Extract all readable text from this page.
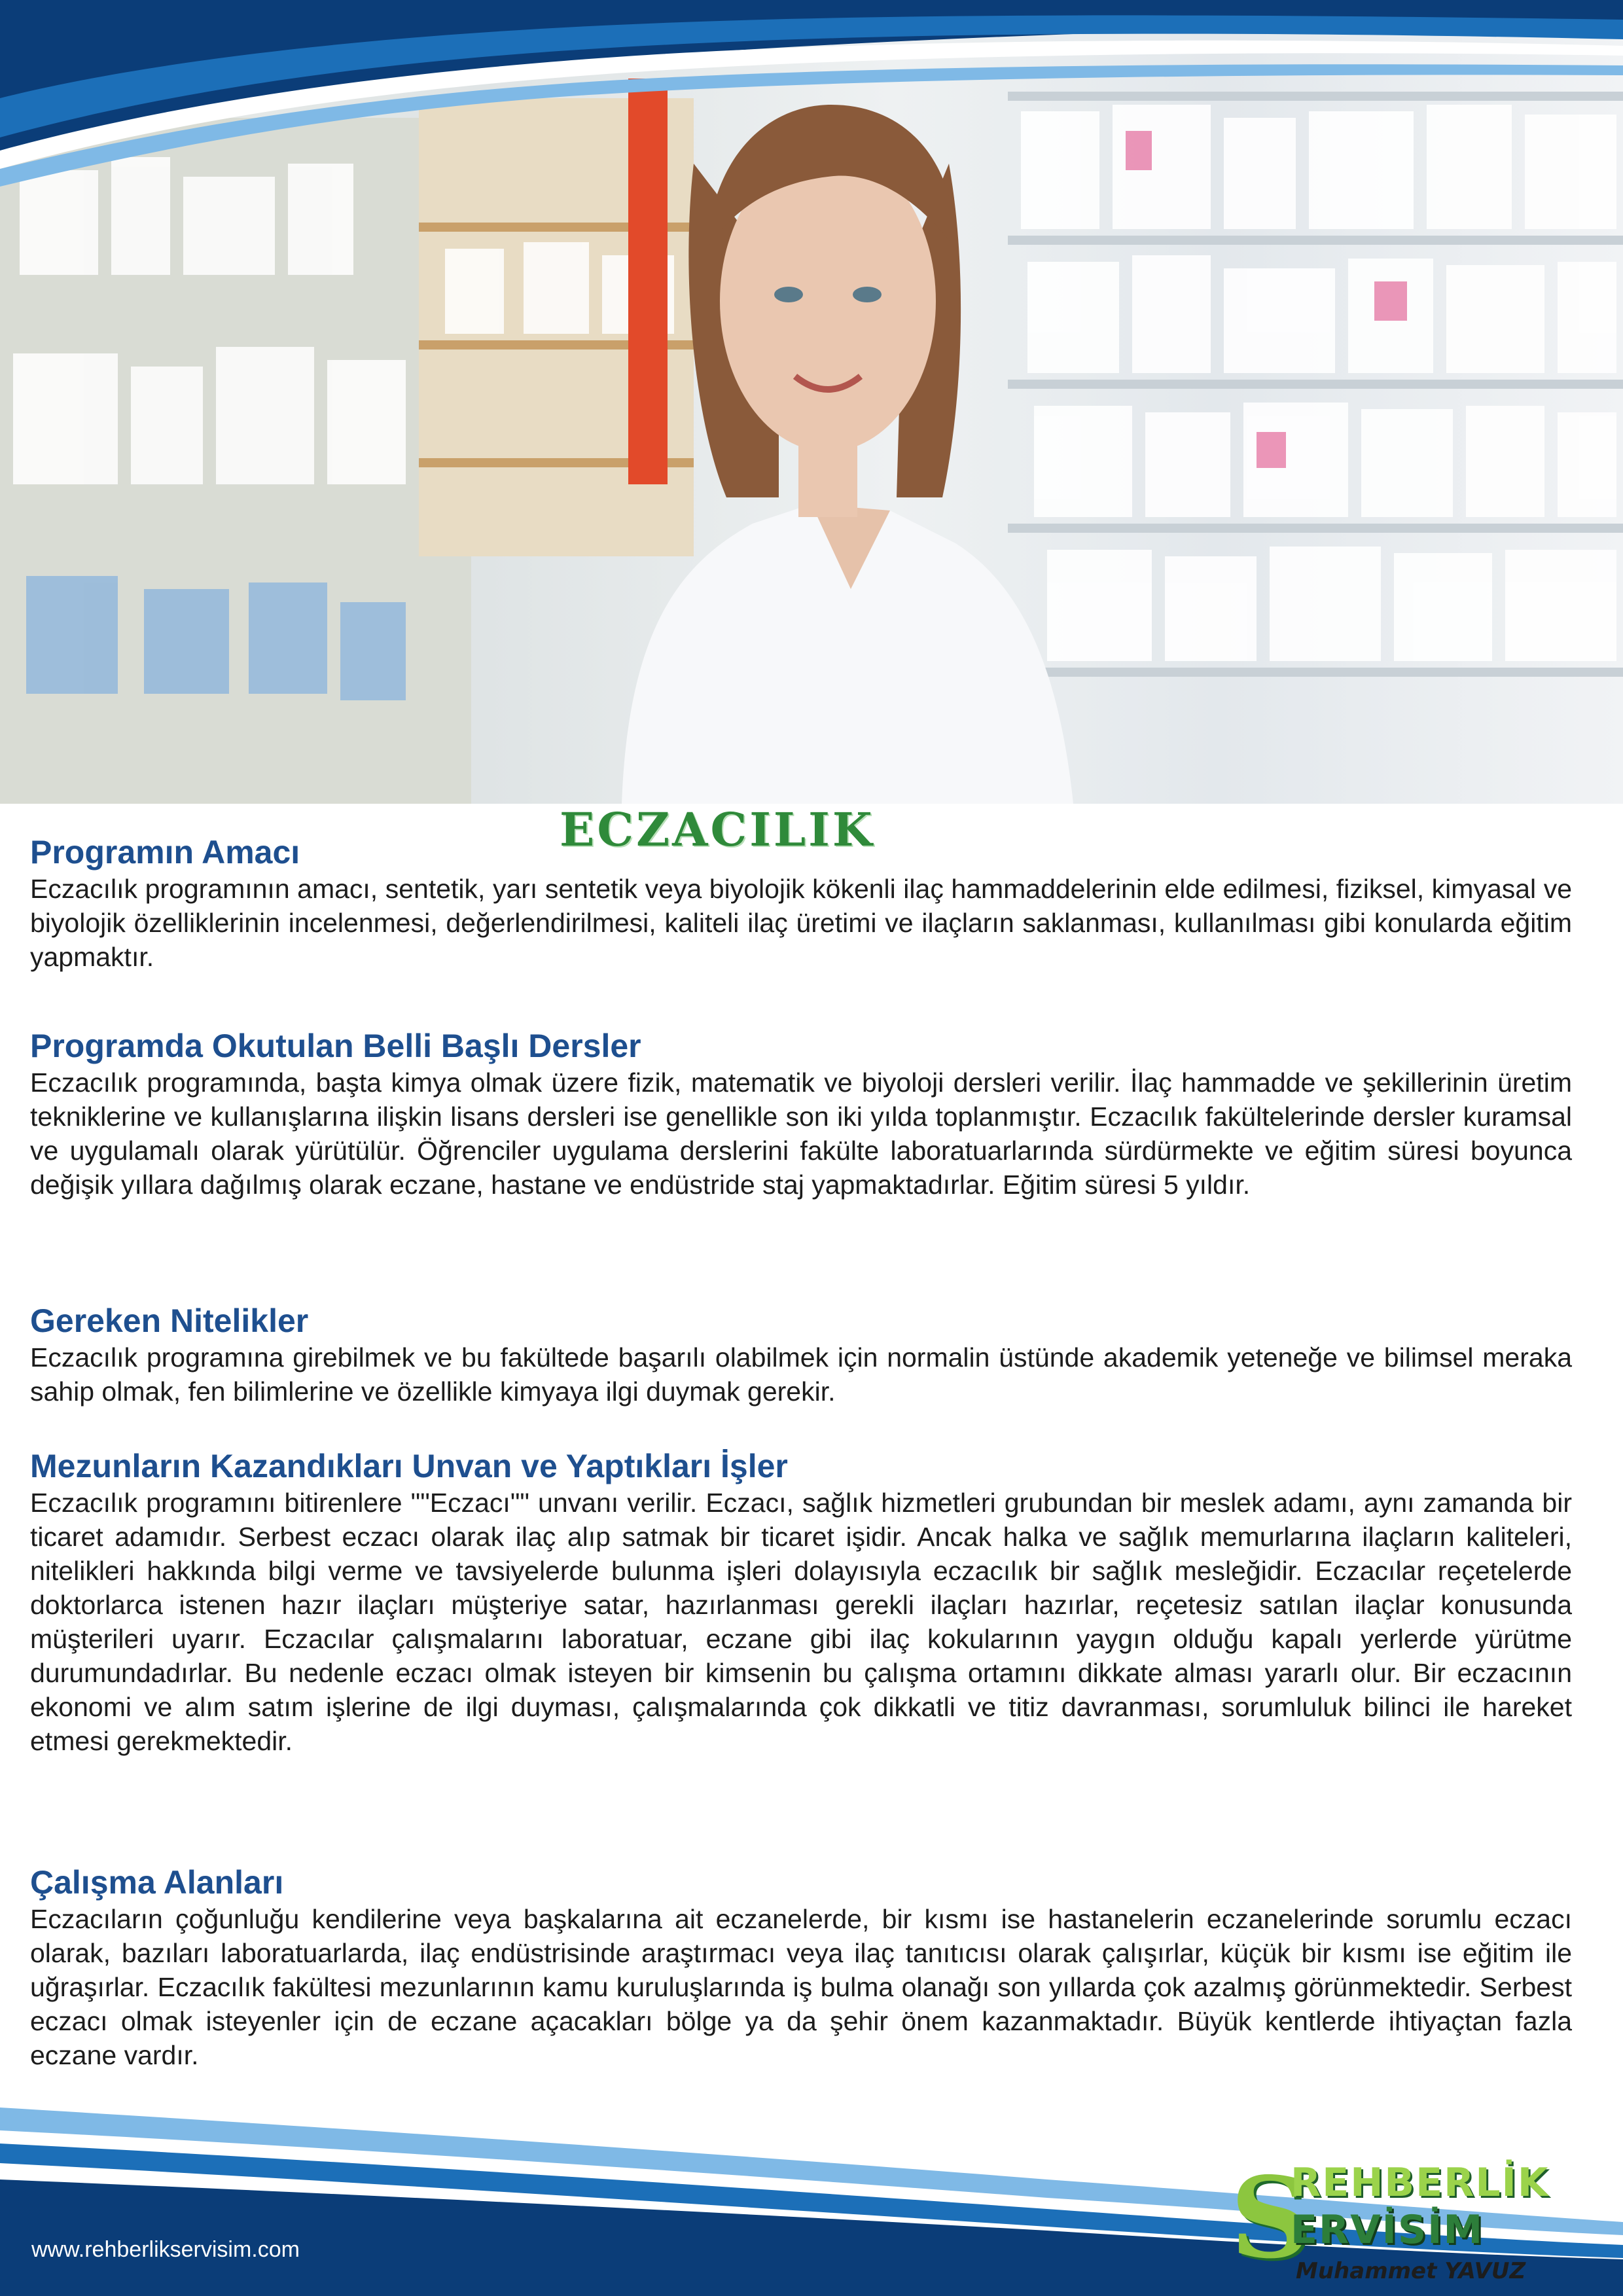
ECZACILIK
Programın Amacı

Eczacılık programının amacı, sentetik, yarı sentetik veya biyolojik kökenli ilaç hammaddelerinin elde edilmesi, fiziksel, kimyasal ve biyolojik özelliklerinin incelenmesi, değerlendirilmesi, kaliteli ilaç üretimi ve ilaçların saklanması, kullanılması gibi konularda eğitim yapmaktır.

Programda Okutulan Belli Başlı Dersler

Eczacılık programında, başta kimya olmak üzere fizik, matematik ve biyoloji dersleri verilir. İlaç hammadde ve şekillerinin üretim tekniklerine ve kullanışlarına ilişkin lisans dersleri ise genellikle son iki yılda toplanmıştır. Eczacılık fakültelerinde dersler kuramsal ve uygulamalı olarak yürütülür. Öğrenciler uygulama derslerini fakülte laboratuarlarında sürdürmekte ve eğitim süresi boyunca değişik yıllara dağılmış olarak eczane, hastane ve endüstride staj yapmaktadırlar. Eğitim süresi 5 yıldır.

Gereken Nitelikler

Eczacılık programına girebilmek ve bu fakültede başarılı olabilmek için normalin üstünde akademik yeteneğe ve bilimsel meraka sahip olmak, fen bilimlerine ve özellikle kimyaya ilgi duymak gerekir.

Mezunların Kazandıkları Unvan ve Yaptıkları İşler

Eczacılık programını bitirenlere ""Eczacı"" unvanı verilir. Eczacı, sağlık hizmetleri grubundan bir meslek adamı, aynı zamanda bir ticaret adamıdır. Serbest eczacı olarak ilaç alıp satmak bir ticaret işidir. Ancak halka ve sağlık memurlarına ilaçların kaliteleri, nitelikleri hakkında bilgi verme ve tavsiyelerde bulunma işleri dolayısıyla eczacılık bir sağlık mesleğidir. Eczacılar reçetelerde doktorlarca istenen hazır ilaçları müşteriye satar, hazırlanması gerekli ilaçları hazırlar, reçetesiz satılan ilaçlar konusunda müşterileri uyarır. Eczacılar çalışmalarını laboratuar, eczane gibi ilaç kokularının yaygın olduğu kapalı yerlerde yürütme durumundadırlar. Bu nedenle eczacı olmak isteyen bir kimsenin bu çalışma ortamını dikkate alması yararlı olur. Bir eczacının ekonomi ve alım satım işlerine de ilgi duyması, çalışmalarında çok dikkatli ve titiz davranması, sorumluluk bilinci ile hareket etmesi gerekmektedir.

Çalışma Alanları

Eczacıların çoğunluğu kendilerine veya başkalarına ait eczanelerde, bir kısmı ise hastanelerin eczanelerinde sorumlu eczacı olarak, bazıları laboratuarlarda, ilaç endüstrisinde araştırmacı veya ilaç tanıtıcısı olarak çalışırlar, küçük bir kısmı ise eğitim ile uğraşırlar. Eczacılık fakültesi mezunlarının kamu kuruluşlarında iş bulma olanağı son yıllarda çok azalmış görünmektedir. Serbest eczacı olmak isteyenler için de eczane açacakları bölge ya da şehir önem kazanmaktadır. Büyük kentlerde ihtiyaçtan fazla eczane vardır.

www.rehberlikservisim.com	S
REHBERLİK
ERVİSİM
Muhammet YAVUZ
